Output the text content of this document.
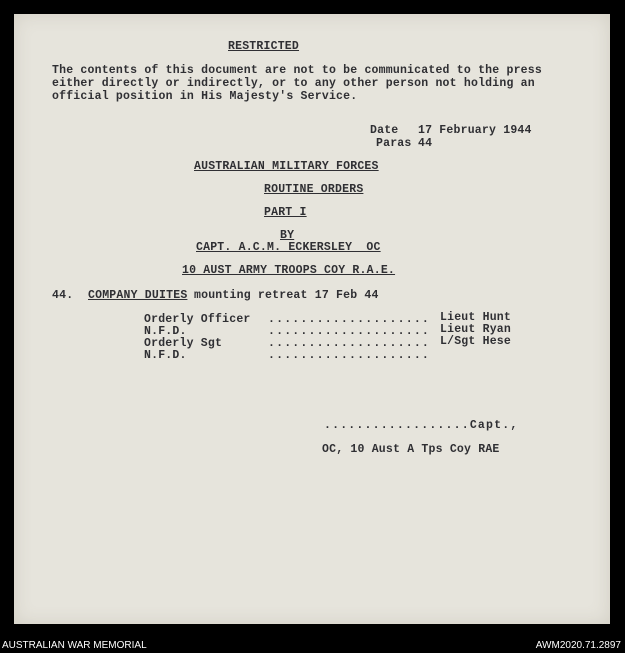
RESTRICTED
The contents of this document are not to be communicated to the press
either directly or indirectly, or to any other person not holding an
official position in His Majesty's Service.
Date 17 February 1944
Paras 44
AUSTRALIAN MILITARY FORCES
ROUTINE ORDERS
PART I
BY
CAPT. A.C.M. ECKERSLEY  OC
10 AUST ARMY TROOPS COY R.A.E.
44. COMPANY DUITES mounting retreat 17 Feb 44
Orderly Officer .................... Lieut Hunt
N.F.D.	.................... Lieut Ryan
Orderly Sgt	.................... L/Sgt Hese
N.F.D.	....................
..................Capt.,
OC, 10 Aust A Tps Coy RAE
AUSTRALIAN WAR MEMORIAL	AWM2020.71.2897
